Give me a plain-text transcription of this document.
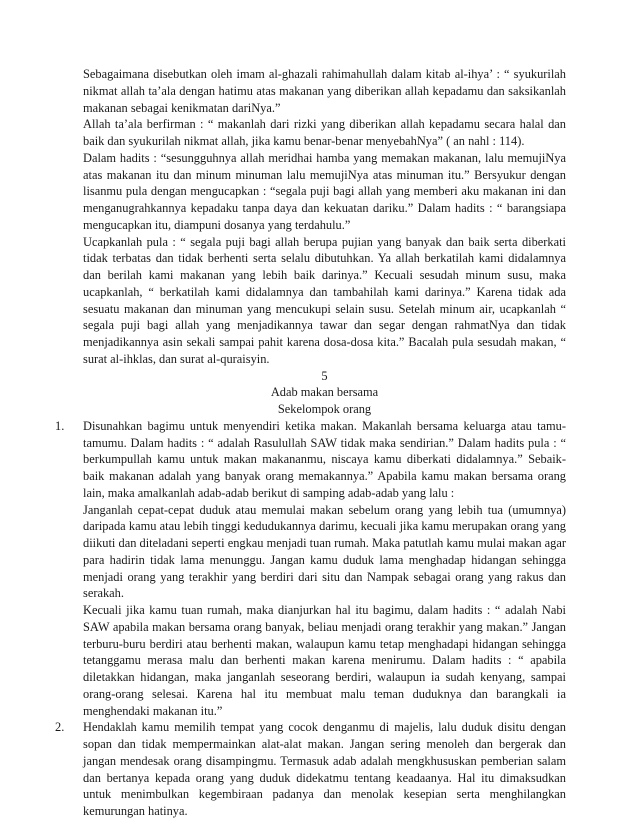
Sebagaimana disebutkan oleh imam al-ghazali rahimahullah dalam kitab al-ihya’ : “ syukurilah nikmat allah ta’ala dengan hatimu atas makanan yang diberikan allah kepadamu dan saksikanlah makanan sebagai kenikmatan dariNya.”

Allah ta’ala berfirman : “ makanlah dari rizki yang diberikan allah kepadamu secara halal dan baik dan syukurilah nikmat allah, jika kamu benar-benar menyebahNya” ( an nahl : 114).

Dalam hadits : “sesungguhnya allah meridhai hamba yang memakan makanan, lalu memujiNya atas makanan itu dan minum minuman lalu memujiNya atas minuman itu.” Bersyukur dengan lisanmu pula dengan mengucapkan : “segala puji bagi allah yang memberi aku makanan ini dan menganugrahkannya kepadaku tanpa daya dan kekuatan dariku.” Dalam hadits : “ barangsiapa mengucapkan itu, diampuni dosanya yang terdahulu.”

Ucapkanlah pula : “ segala puji bagi allah berupa pujian yang banyak dan baik serta diberkati tidak terbatas dan tidak berhenti serta selalu dibutuhkan. Ya allah berkatilah kami didalamnya dan berilah kami makanan yang lebih baik darinya.” Kecuali sesudah minum susu, maka ucapkanlah, “ berkatilah kami didalamnya dan tambahilah kami darinya.” Karena tidak ada sesuatu makanan dan minuman yang mencukupi selain susu. Setelah minum air, ucapkanlah “ segala puji bagi allah yang menjadikannya tawar dan segar dengan rahmatNya dan tidak menjadikannya asin sekali sampai pahit karena dosa-dosa kita.” Bacalah pula sesudah makan, “ surat al-ihklas, dan surat al-quraisyin.

5

Adab makan bersama

Sekelompok orang

1. Disunahkan bagimu untuk menyendiri ketika makan. Makanlah bersama keluarga atau tamu-tamumu. Dalam hadits : “ adalah Rasulullah SAW tidak maka sendirian.” Dalam hadits pula : “ berkumpullah kamu untuk makan makananmu, niscaya kamu diberkati didalamnya.” Sebaik-baik makanan adalah yang banyak orang memakannya.” Apabila kamu makan bersama orang lain, maka amalkanlah adab-adab berikut di samping adab-adab yang lalu :

Janganlah cepat-cepat duduk atau memulai makan sebelum orang yang lebih tua (umumnya) daripada kamu atau lebih tinggi kedudukannya darimu, kecuali jika kamu merupakan orang yang diikuti dan diteladani seperti engkau menjadi tuan rumah. Maka patutlah kamu mulai makan agar para hadirin tidak lama menunggu. Jangan kamu duduk lama menghadap hidangan sehingga menjadi orang yang terakhir yang berdiri dari situ dan Nampak sebagai orang yang rakus dan serakah.

Kecuali jika kamu tuan rumah, maka dianjurkan hal itu bagimu, dalam hadits : “ adalah Nabi SAW apabila makan bersama orang banyak, beliau menjadi orang terakhir yang makan.” Jangan terburu-buru berdiri atau berhenti makan, walaupun kamu tetap menghadapi hidangan sehingga tetanggamu merasa malu dan berhenti makan karena menirumu. Dalam hadits : “ apabila diletakkan hidangan, maka janganlah seseorang berdiri, walaupun ia sudah kenyang, sampai orang-orang selesai. Karena hal itu membuat malu teman duduknya dan barangkali ia menghendaki makanan itu.”

2. Hendaklah kamu memilih tempat yang cocok denganmu di majelis, lalu duduk disitu dengan sopan dan tidak mempermainkan alat-alat makan. Jangan sering menoleh dan bergerak dan jangan mendesak orang disampingmu. Termasuk adab adalah mengkhususkan pemberian salam dan bertanya kepada orang yang duduk didekatmu tentang keadaanya. Hal itu dimaksudkan untuk menimbulkan kegembiraan padanya dan menolak kesepian serta menghilangkan kemurungan hatinya.
